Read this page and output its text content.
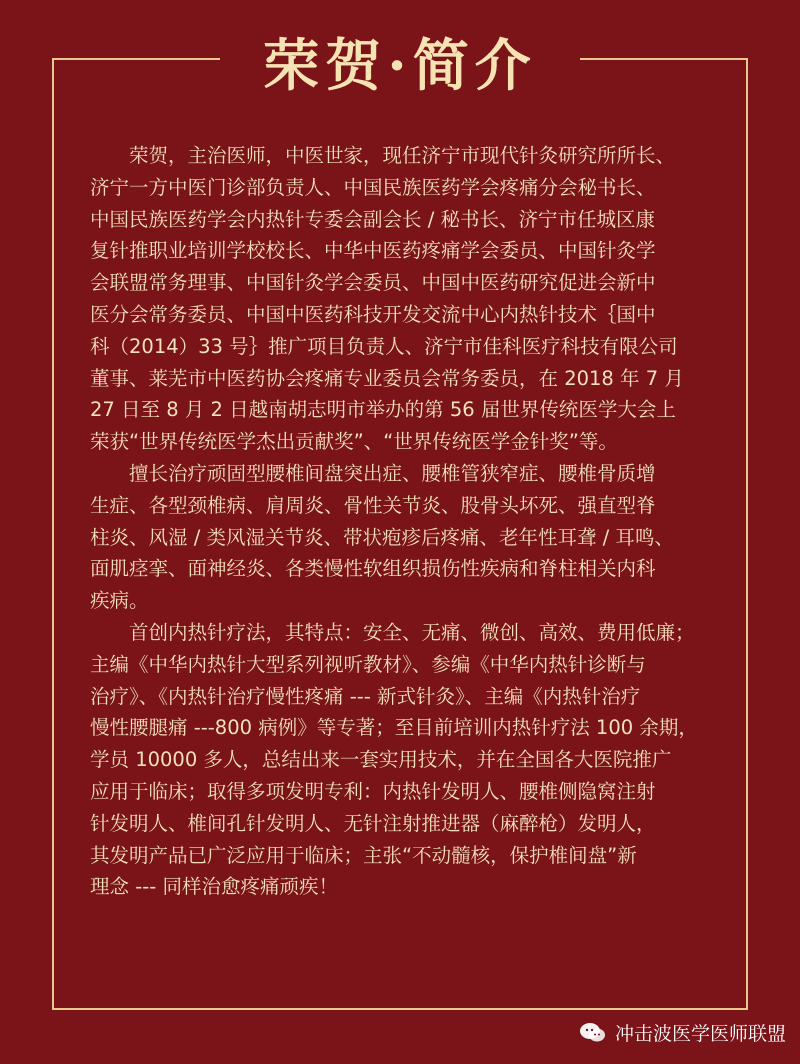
荣贺·简介

荣贺，主治医师，中医世家，现任济宁市现代针灸研究所所长、
济宁一方中医门诊部负责人、中国民族医药学会疼痛分会秘书长、
中国民族医药学会内热针专委会副会长 / 秘书长、济宁市任城区康
复针推职业培训学校校长、中华中医药疼痛学会委员、中国针灸学
会联盟常务理事、中国针灸学会委员、中国中医药研究促进会新中
医分会常务委员、中国中医药科技开发交流中心内热针技术｛国中
科（2014）33 号｝推广项目负责人、济宁市佳科医疗科技有限公司
董事、莱芜市中医药协会疼痛专业委员会常务委员，在 2018 年 7 月
27 日至 8 月 2 日越南胡志明市举办的第 56 届世界传统医学大会上
荣获“世界传统医学杰出贡献奖”、“世界传统医学金针奖”等。

擅长治疗顽固型腰椎间盘突出症、腰椎管狭窄症、腰椎骨质增
生症、各型颈椎病、肩周炎、骨性关节炎、股骨头坏死、强直型脊
柱炎、风湿 / 类风湿关节炎、带状疱疹后疼痛、老年性耳聋 / 耳鸣、
面肌痉挛、面神经炎、各类慢性软组织损伤性疾病和脊柱相关内科
疾病。

首创内热针疗法，其特点：安全、无痛、微创、高效、费用低廉；
主编《中华内热针大型系列视听教材》、参编《中华内热针诊断与
治疗》、《内热针治疗慢性疼痛 --- 新式针灸》、主编《内热针治疗
慢性腰腿痛 ---800 病例》等专著；至目前培训内热针疗法 100 余期，
学员 10000 多人，总结出来一套实用技术，并在全国各大医院推广
应用于临床；取得多项发明专利：内热针发明人、腰椎侧隐窝注射
针发明人、椎间孔针发明人、无针注射推进器（麻醉枪）发明人，
其发明产品已广泛应用于临床；主张“不动髓核，保护椎间盘”新
理念 --- 同样治愈疼痛顽疾！

冲击波医学医师联盟
